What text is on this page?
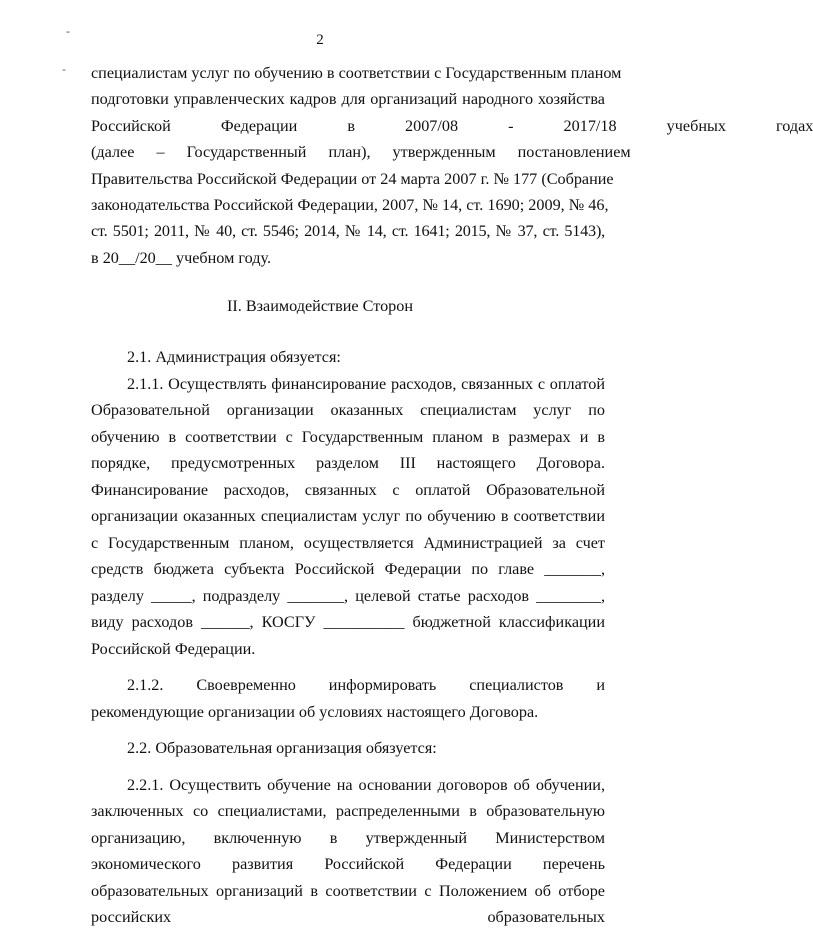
-
-
2
специалистам услуг по обучению в соответствии с Государственным планом
подготовки управленческих кадров для организаций народного хозяйства
Российской Федерации в 2007/08 - 2017/18 учебных годах
(далее – Государственный план), утвержденным постановлением
Правительства Российской Федерации от 24 марта 2007 г. № 177 (Собрание
законодательства Российской Федерации, 2007, № 14, ст. 1690; 2009, № 46,
ст. 5501; 2011, № 40, ст. 5546; 2014, № 14, ст. 1641; 2015, № 37, ст. 5143),
в 20__/20__ учебном году.
II. Взаимодействие Сторон

2.1. Администрация обязуется:

2.1.1. Осуществлять финансирование расходов, связанных с оплатой Образовательной организации оказанных специалистам услуг по обучению в соответствии с Государственным планом в размерах и в порядке, предусмотренных разделом III настоящего Договора. Финансирование расходов, связанных с оплатой Образовательной организации оказанных специалистам услуг по обучению в соответствии с Государственным планом, осуществляется Администрацией за счет средств бюджета субъекта Российской Федерации по главе _______, разделу _____, подразделу _______, целевой статье расходов ________, виду расходов ______, КОСГУ __________ бюджетной классификации Российской Федерации.

2.1.2. Своевременно информировать специалистов и рекомендующие организации об условиях настоящего Договора.

2.2. Образовательная организация обязуется:

2.2.1. Осуществить обучение на основании договоров об обучении, заключенных со специалистами, распределенными в образовательную организацию, включенную в утвержденный Министерством экономического развития Российской Федерации перечень образовательных организаций в соответствии с Положением об отборе российских образовательных
